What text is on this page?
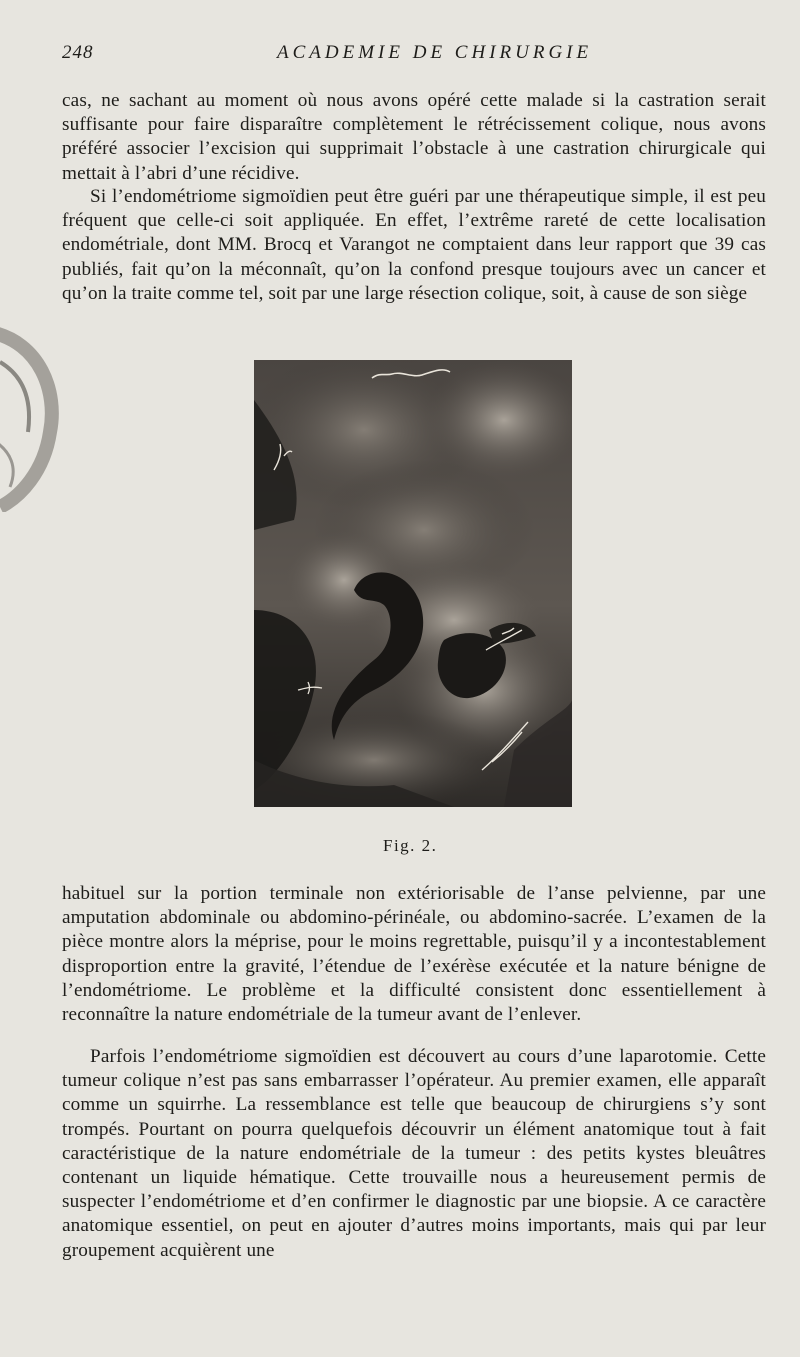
248	ACADEMIE DE CHIRURGIE

cas, ne sachant au moment où nous avons opéré cette malade si la castration serait suffisante pour faire disparaître complètement le rétrécissement colique, nous avons préféré associer l’excision qui supprimait l’obstacle à une castration chirurgicale qui mettait à l’abri d’une récidive.

Si l’endométriome sigmoïdien peut être guéri par une thérapeutique simple, il est peu fréquent que celle-ci soit appliquée. En effet, l’extrême rareté de cette localisation endométriale, dont MM. Brocq et Varangot ne comptaient dans leur rapport que 39 cas publiés, fait qu’on la méconnaît, qu’on la confond presque toujours avec un cancer et qu’on la traite comme tel, soit par une large résection colique, soit, à cause de son siège

Fig. 2.

habituel sur la portion terminale non extériorisable de l’anse pelvienne, par une amputation abdominale ou abdomino-périnéale, ou abdomino-sacrée. L’examen de la pièce montre alors la méprise, pour le moins regrettable, puisqu’il y a incontestablement disproportion entre la gravité, l’étendue de l’exérèse exécutée et la nature bénigne de l’endométriome. Le problème et la difficulté consistent donc essentiellement à reconnaître la nature endométriale de la tumeur avant de l’enlever.

Parfois l’endométriome sigmoïdien est découvert au cours d’une laparotomie. Cette tumeur colique n’est pas sans embarrasser l’opérateur. Au premier examen, elle apparaît comme un squirrhe. La ressemblance est telle que beaucoup de chirurgiens s’y sont trompés. Pourtant on pourra quelquefois découvrir un élément anatomique tout à fait caractéristique de la nature endométriale de la tumeur : des petits kystes bleuâtres contenant un liquide hématique. Cette trouvaille nous a heureusement permis de suspecter l’endométriome et d’en confirmer le diagnostic par une biopsie. A ce caractère anatomique essentiel, on peut en ajouter d’autres moins importants, mais qui par leur groupement acquièrent une
